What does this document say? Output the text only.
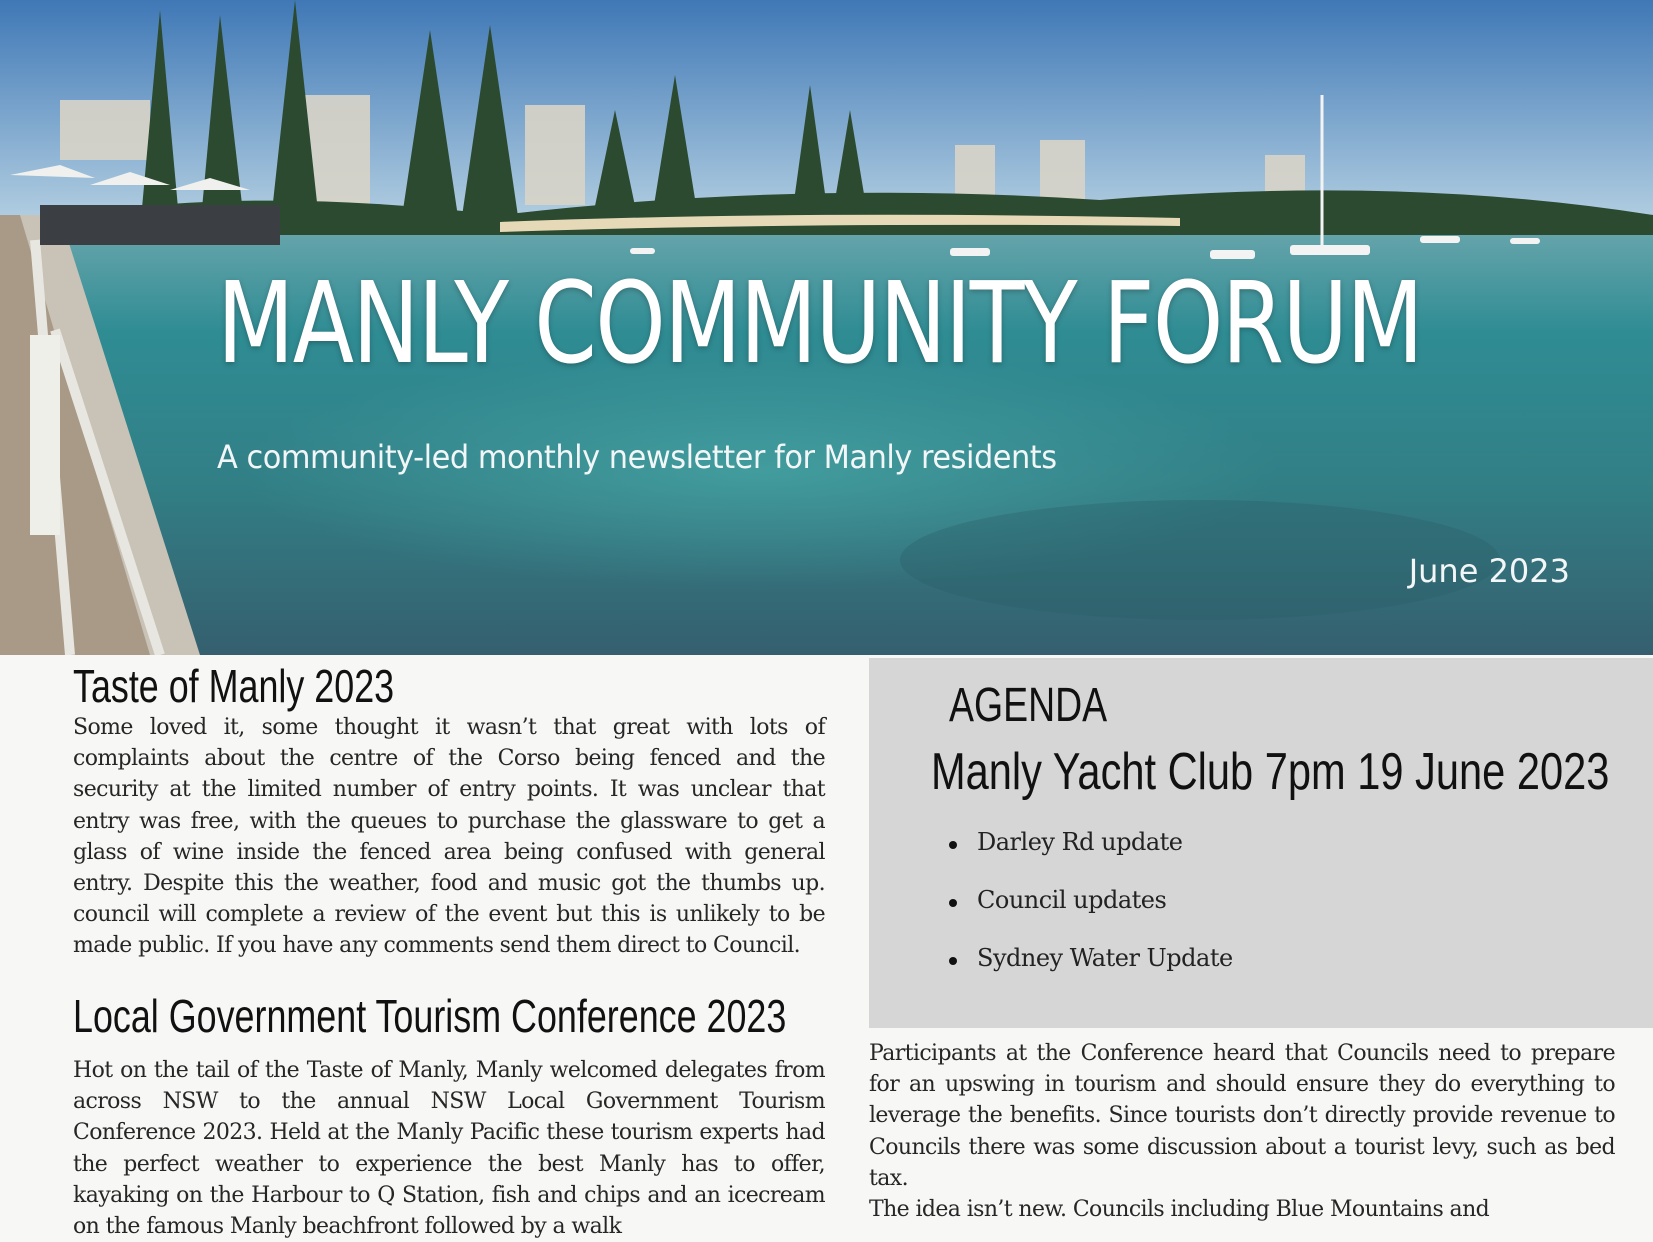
MANLY COMMUNITY FORUM
A community-led monthly newsletter for Manly residents
June 2023
Taste of Manly 2023

Some loved it, some thought it wasn’t that great with lots of complaints about the centre of the Corso being fenced and the security at the limited number of entry points. It was unclear that entry was free, with the queues to purchase the glassware to get a glass of wine inside the fenced area being confused with general entry. Despite this the weather, food and music got the thumbs up. council will complete a review of the event but this is unlikely to be made public. If you have any comments send them direct to Council.

Local Government Tourism Conference 2023

Hot on the tail of the Taste of Manly, Manly welcomed delegates from across NSW to the annual NSW Local Government Tourism Conference 2023. Held at the Manly Pacific these tourism experts had the perfect weather to experience the best Manly has to offer, kayaking on the Harbour to Q Station, fish and chips and an icecream on the famous Manly beachfront followed by a walk

AGENDA
Manly Yacht Club 7pm 19 June 2023
Darley Rd update
Council updates
Sydney Water Update
Participants at the Conference heard that Councils need to prepare for an upswing in tourism and should ensure they do everything to leverage the benefits. Since tourists don’t directly provide revenue to Councils there was some discussion about a tourist levy, such as bed tax.
The idea isn’t new. Councils including Blue Mountains and
